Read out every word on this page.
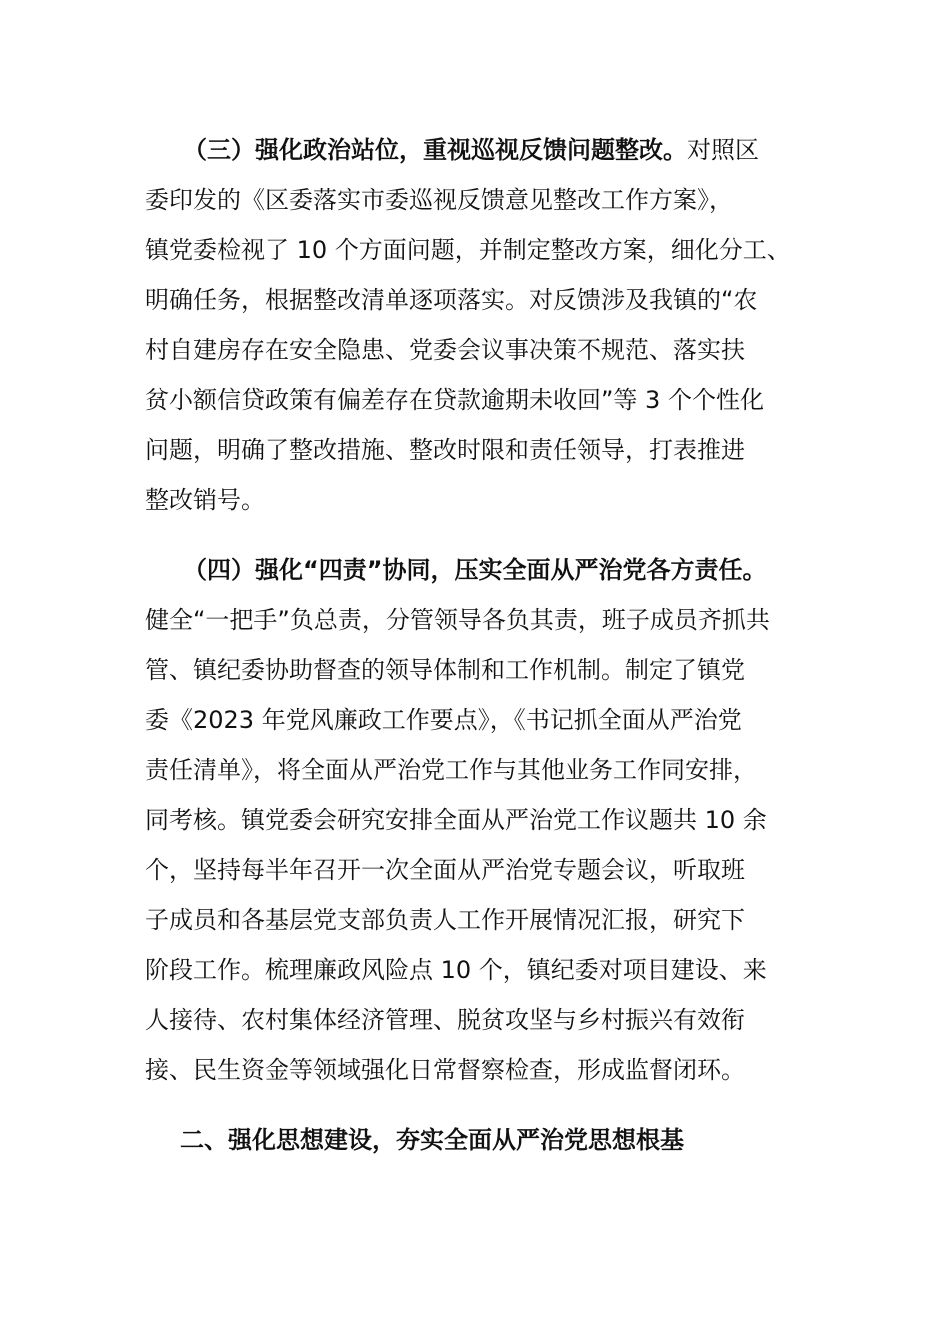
（三）强化政治站位，重视巡视反馈问题整改。对照区
委印发的《区委落实市委巡视反馈意见整改工作方案》，
镇党委检视了 10 个方面问题，并制定整改方案，细化分工、
明确任务，根据整改清单逐项落实。对反馈涉及我镇的“农
村自建房存在安全隐患、党委会议事决策不规范、落实扶
贫小额信贷政策有偏差存在贷款逾期未收回”等 3 个个性化
问题，明确了整改措施、整改时限和责任领导，打表推进
整改销号。
（四）强化“四责”协同，压实全面从严治党各方责任。
健全“一把手”负总责，分管领导各负其责，班子成员齐抓共
管、镇纪委协助督查的领导体制和工作机制。制定了镇党
委《2023 年党风廉政工作要点》，《书记抓全面从严治党
责任清单》，将全面从严治党工作与其他业务工作同安排，
同考核。镇党委会研究安排全面从严治党工作议题共 10 余
个，坚持每半年召开一次全面从严治党专题会议，听取班
子成员和各基层党支部负责人工作开展情况汇报，研究下
阶段工作。梳理廉政风险点 10 个，镇纪委对项目建设、来
人接待、农村集体经济管理、脱贫攻坚与乡村振兴有效衔
接、民生资金等领域强化日常督察检查，形成监督闭环。
二、强化思想建设，夯实全面从严治党思想根基
